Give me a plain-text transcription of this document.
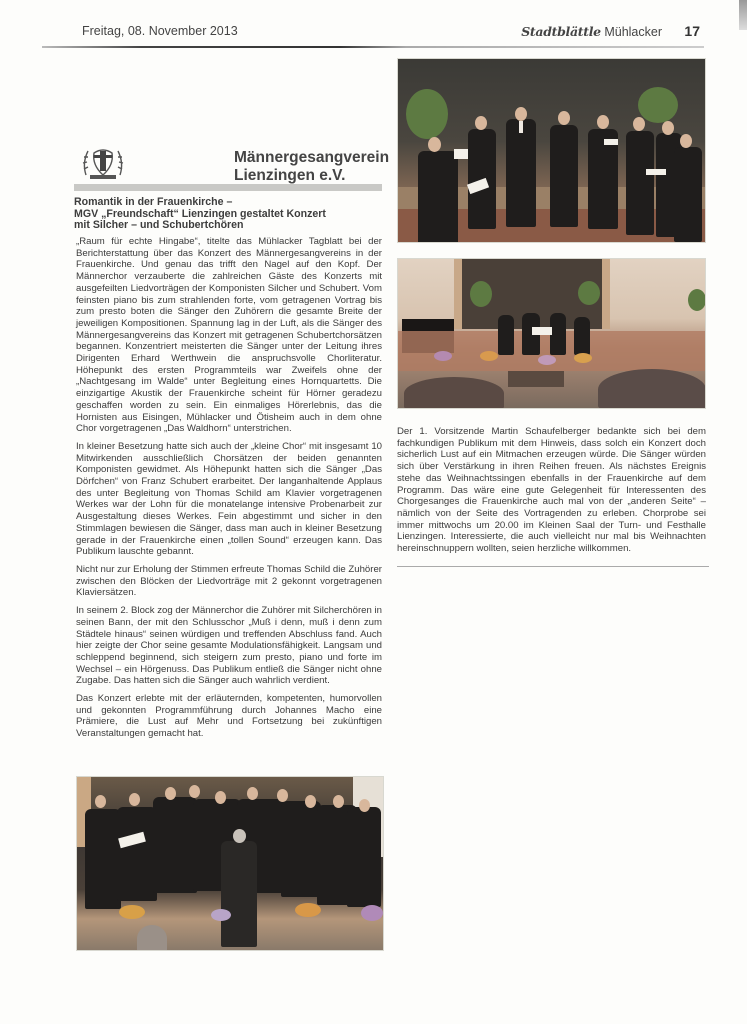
Freitag, 08. November 2013	Stadtblättle Mühlacker 17
Männergesangverein
Lienzingen e.V.
Romantik in der Frauenkirche –
MGV „Freundschaft“ Lienzingen gestaltet Konzert
mit Silcher – und Schubertchören

„Raum für echte Hingabe“, titelte das Mühlacker Tagblatt bei der Berichterstattung über das Konzert des Männergesangvereins in der Frauenkirche. Und genau das trifft den Nagel auf den Kopf. Der Männerchor verzauberte die zahlreichen Gäste des Konzerts mit ausgefeilten Liedvorträgen der Komponisten Silcher und Schubert. Vom feinsten piano bis zum strahlenden forte, vom getragenen Vortrag bis zum presto boten die Sänger den Zuhörern die gesamte Breite der jeweiligen Kompositionen. Spannung lag in der Luft, als die Sänger des Männergesangvereins das Konzert mit getragenen Schubertchorsätzen begannen. Konzentriert meisterten die Sänger unter der Leitung ihres Dirigenten Erhard Werthwein die anspruchsvolle Chorliteratur. Höhepunkt des ersten Programmteils war Zweifels ohne der „Nachtgesang im Walde“ unter Begleitung eines Hornquartetts. Die einzigartige Akustik der Frauenkirche scheint für Hörner geradezu geschaffen worden zu sein. Ein einmaliges Hörerlebnis, das die Hornisten aus Eisingen, Mühlacker und Ötisheim auch in dem ohne Chor vorgetragenen „Das Waldhorn“ unterstrichen.

In kleiner Besetzung hatte sich auch der „kleine Chor“ mit insgesamt 10 Mitwirkenden ausschließlich Chorsätzen der beiden genannten Komponisten gewidmet. Als Höhepunkt hatten sich die Sänger „Das Dörfchen“ von Franz Schubert erarbeitet. Der langanhaltende Applaus des unter Begleitung von Thomas Schild am Klavier vorgetragenen Werkes war der Lohn für die monatelange intensive Probenarbeit zur Ausgestaltung dieses Werkes. Fein abgestimmt und sicher in den Stimmlagen bewiesen die Sänger, dass man auch in kleiner Besetzung gerade in der Frauenkirche einen „tollen Sound“ erzeugen kann. Das Publikum lauschte gebannt.

Nicht nur zur Erholung der Stimmen erfreute Thomas Schild die Zuhörer zwischen den Blöcken der Liedvorträge mit 2 gekonnt vorgetragenen Klaviersätzen.

In seinem 2. Block zog der Männerchor die Zuhörer mit Silcherchören in seinen Bann, der mit den Schlusschor „Muß i denn, muß i denn zum Städtele hinaus“ seinen würdigen und treffenden Abschluss fand. Auch hier zeigte der Chor seine gesamte Modulationsfähigkeit. Langsam und schleppend beginnend, sich steigern zum presto, piano und forte im Wechsel – ein Hörgenuss. Das Publikum entließ die Sänger nicht ohne Zugabe. Das hatten sich die Sänger auch wahrlich verdient.

Das Konzert erlebte mit der erläuternden, kompetenten, humorvollen und gekonnten Programmführung durch Johannes Macho eine Prämiere, die Lust auf Mehr und Fortsetzung bei zukünftigen Veranstaltungen gemacht hat.

Der 1. Vorsitzende Martin Schaufelberger bedankte sich bei dem fachkundigen Publikum mit dem Hinweis, dass solch ein Konzert doch sicherlich Lust auf ein Mitmachen erzeugen würde. Die Sänger würden sich über Verstärkung in ihren Reihen freuen. Als nächstes Ereignis stehe das Weihnachtssingen ebenfalls in der Frauenkirche auf dem Programm. Das wäre eine gute Gelegenheit für Interessenten des Chorgesanges die Frauenkirche auch mal von der „anderen Seite“ – nämlich von der Seite des Vortragenden zu erleben. Chorprobe sei immer mittwochs um 20.00 im Kleinen Saal der Turn- und Festhalle Lienzingen. Interessierte, die auch vielleicht nur mal bis Weihnachten hereinschnuppern wollten, seien herzliche willkommen.
